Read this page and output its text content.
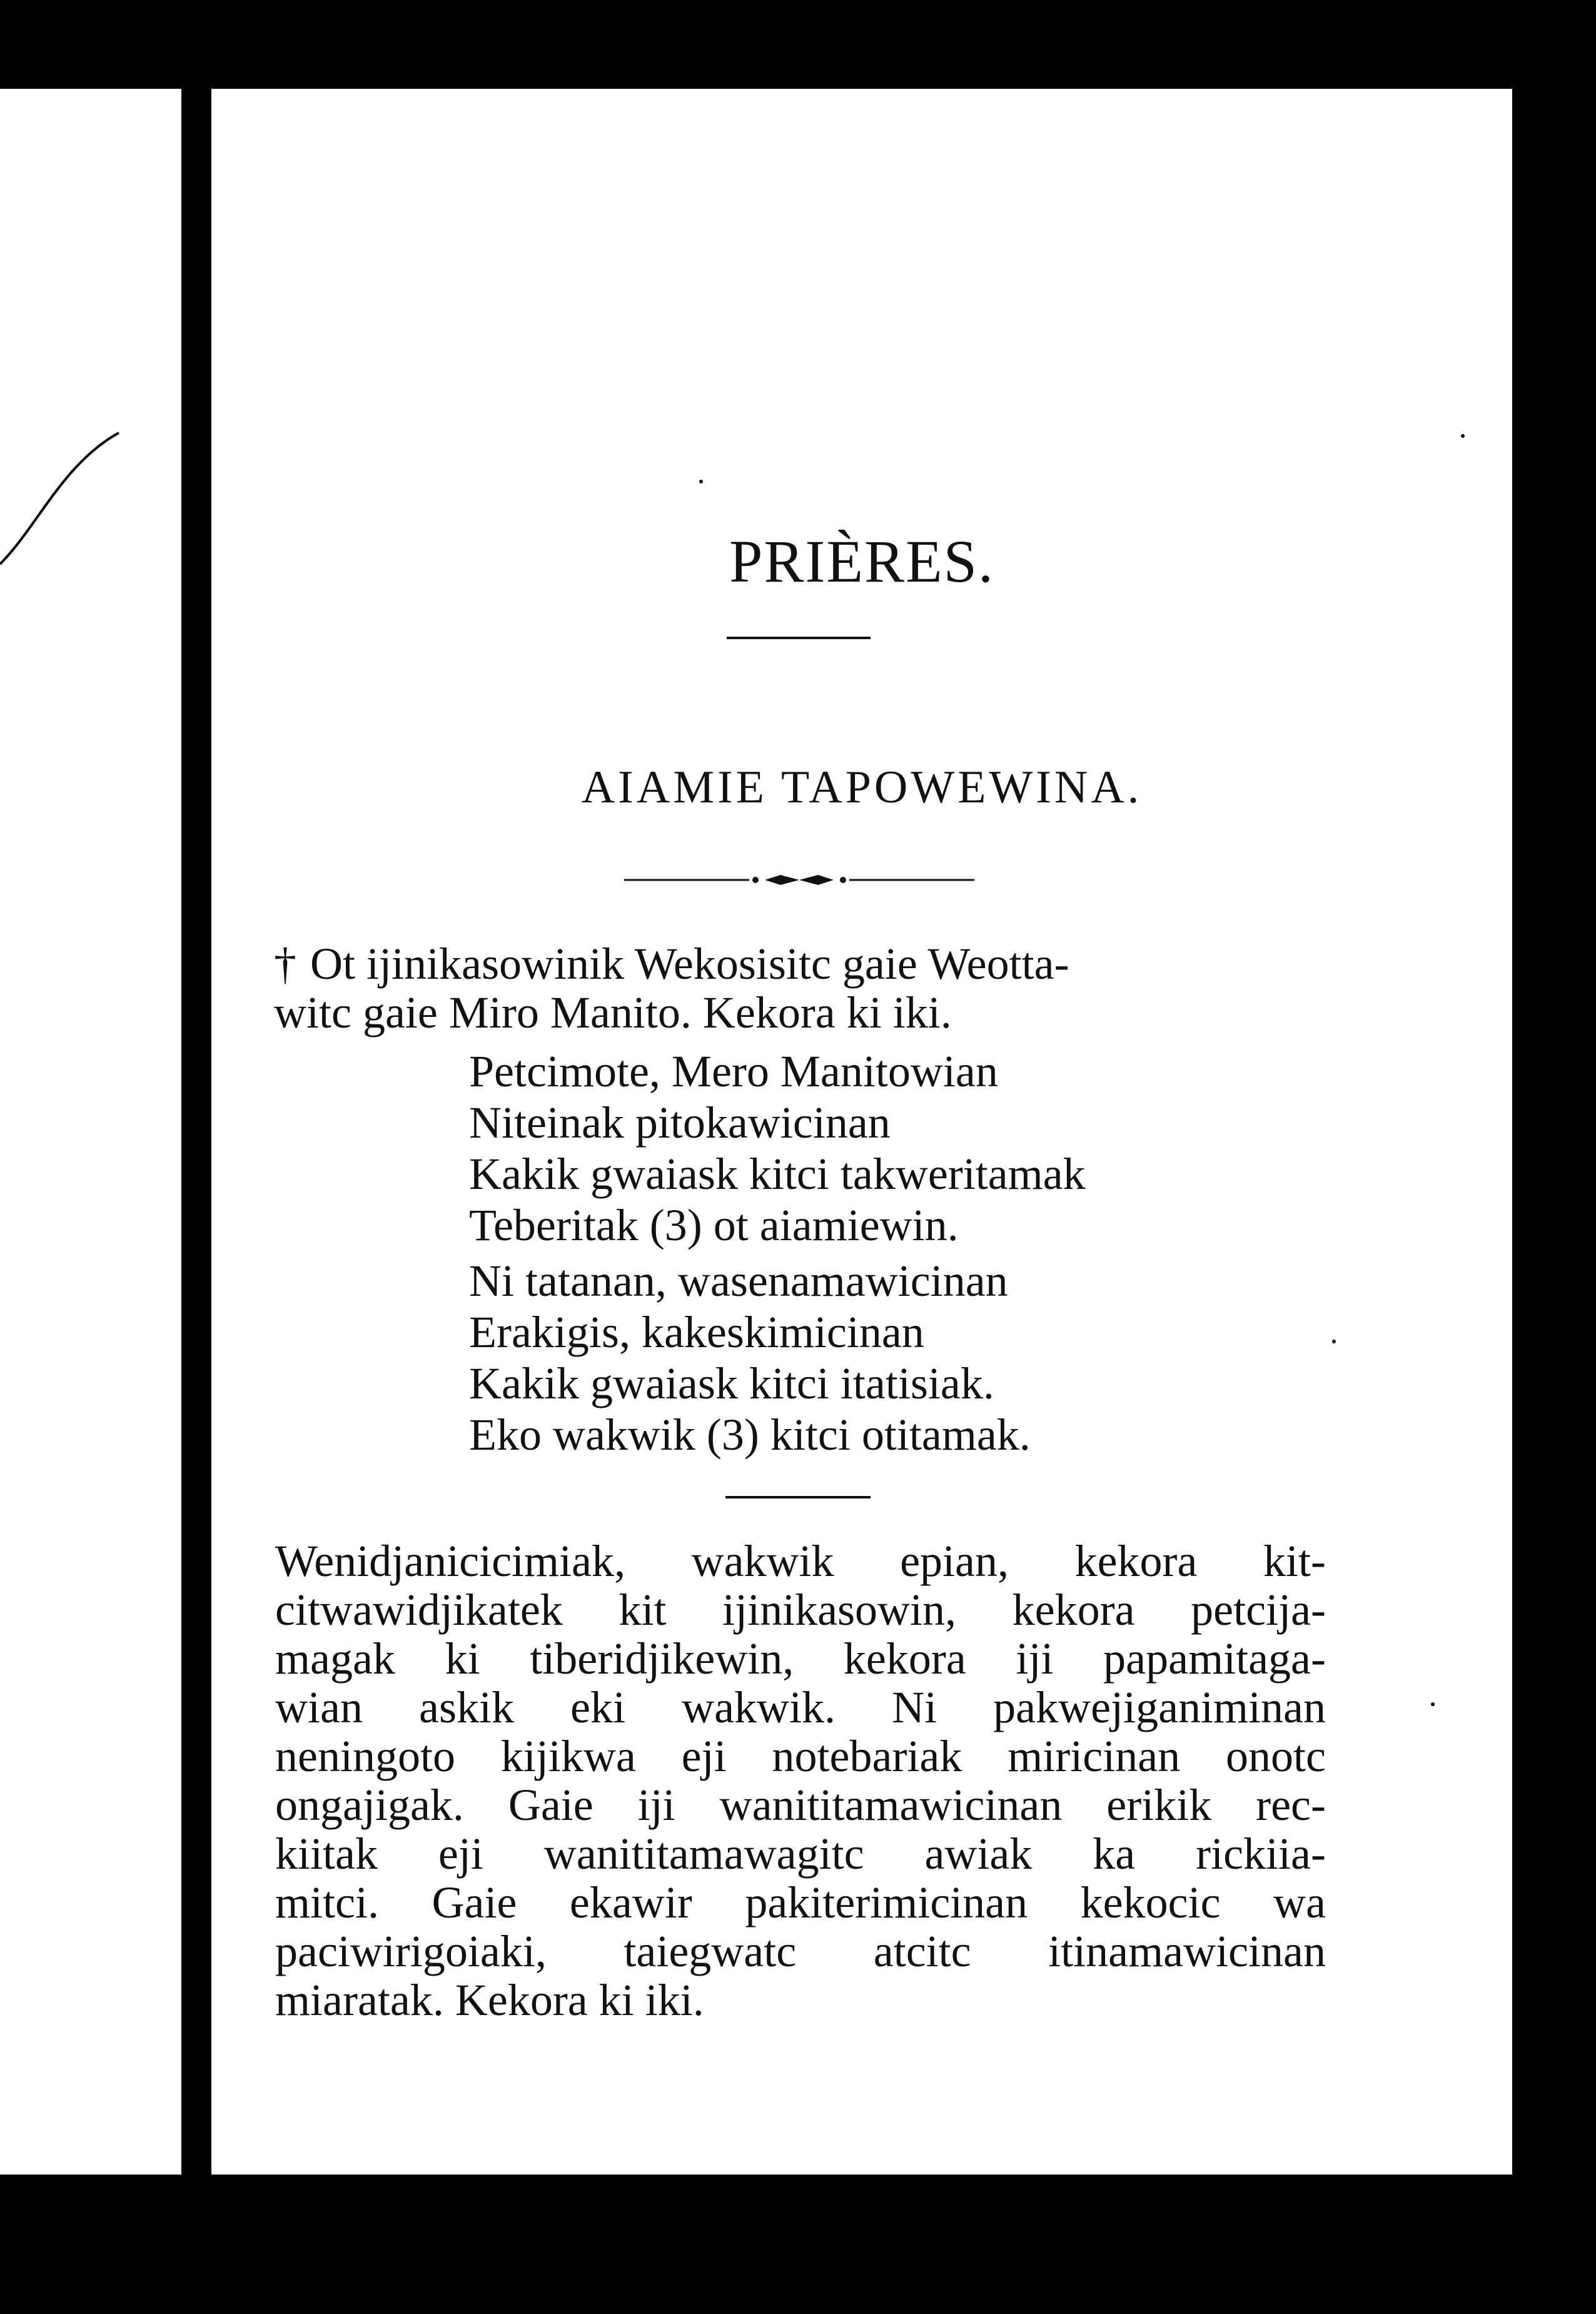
PRIÈRES.
AIAMIE TAPOWEWINA.
† Ot ijinikasowinik Wekosisitc gaie Weotta-
witc gaie Miro Manito. Kekora ki iki.
Petcimote, Mero Manitowian
Niteinak pitokawicinan
Kakik gwaiask kitci takweritamak
Teberitak (3) ot aiamiewin.
Ni tatanan, wasenamawicinan
Erakigis, kakeskimicinan
Kakik gwaiask kitci itatisiak.
Eko wakwik (3) kitci otitamak.
Wenidjanicicimiak, wakwik epian, kekora kit-
citwawidjikatek kit ijinikasowin, kekora petcija-
magak ki tiberidjikewin, kekora iji papamitaga-
wian askik eki wakwik. Ni pakwejiganiminan
neningoto kijikwa eji notebariak miricinan onotc
ongajigak. Gaie iji wanititamawicinan erikik rec-
kiitak eji wanititamawagitc awiak ka rickiia-
mitci. Gaie ekawir pakiterimicinan kekocic wa
paciwirigoiaki, taiegwatc atcitc itinamawicinan
miaratak. Kekora ki iki.
